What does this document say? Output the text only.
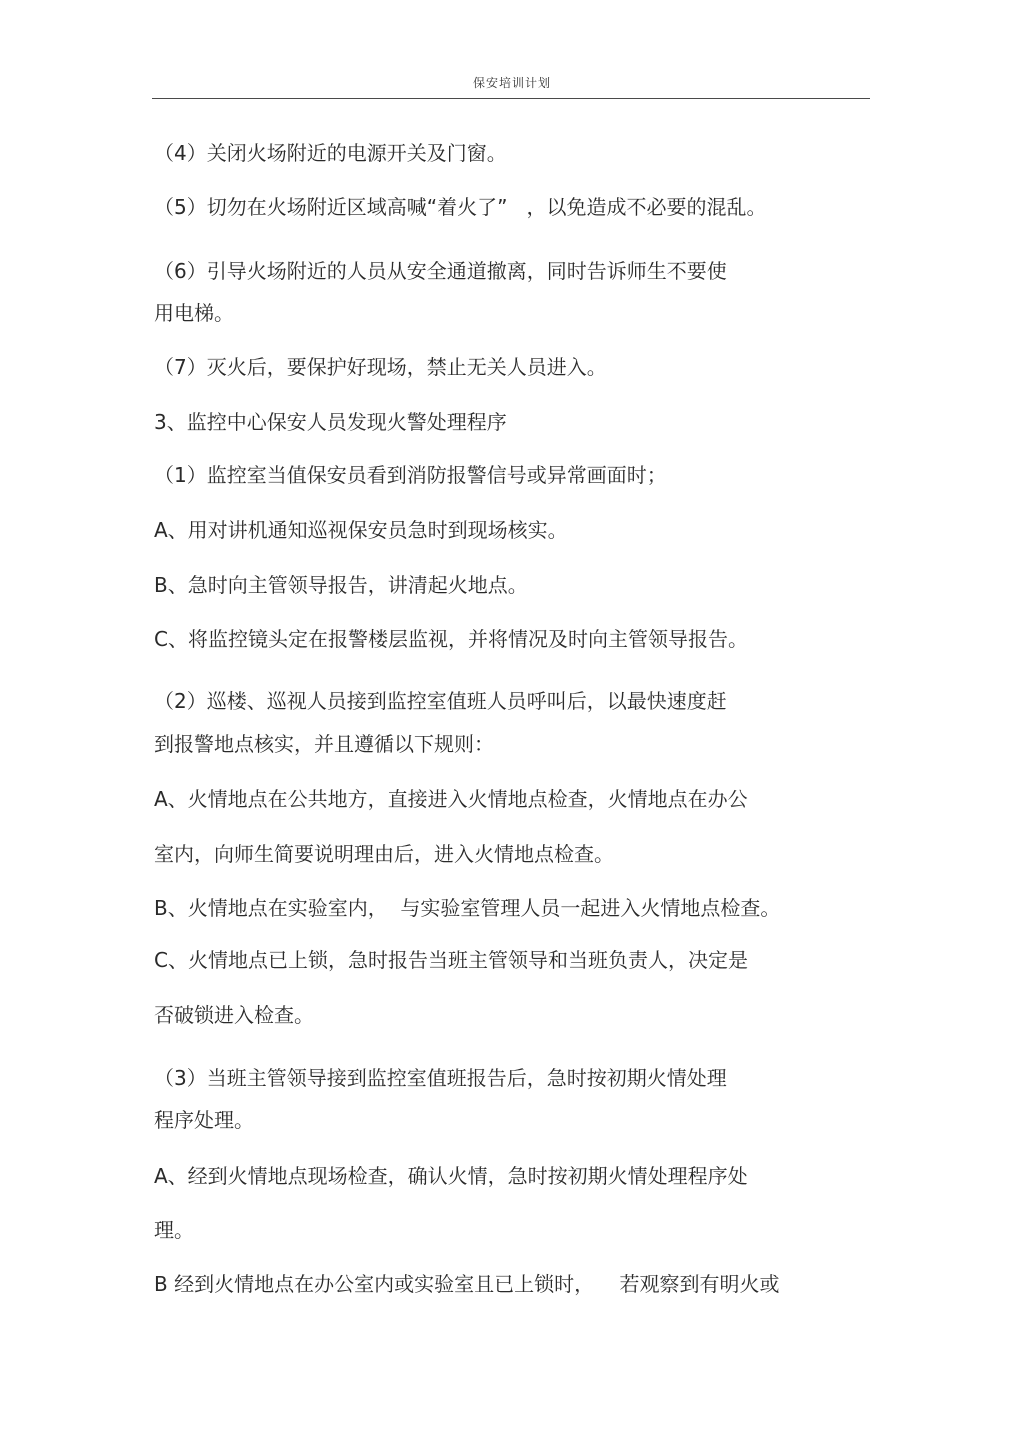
保安培训计划
（4）关闭火场附近的电源开关及门窗。
（5）切勿在火场附近区域高喊“着火了”   ，以免造成不必要的混乱。
（6）引导火场附近的人员从安全通道撤离，同时告诉师生不要使
用电梯。
（7）灭火后，要保护好现场，禁止无关人员进入。
3、监控中心保安人员发现火警处理程序
（1）监控室当值保安员看到消防报警信号或异常画面时；
A、用对讲机通知巡视保安员急时到现场核实。
B、急时向主管领导报告，讲清起火地点。
C、将监控镜头定在报警楼层监视，并将情况及时向主管领导报告。
（2）巡楼、巡视人员接到监控室值班人员呼叫后，以最快速度赶
到报警地点核实，并且遵循以下规则：
A、火情地点在公共地方，直接进入火情地点检查，火情地点在办公
室内，向师生简要说明理由后，进入火情地点检查。
B、火情地点在实验室内，  与实验室管理人员一起进入火情地点检查。
C、火情地点已上锁，急时报告当班主管领导和当班负责人，决定是
否破锁进入检查。
（3）当班主管领导接到监控室值班报告后，急时按初期火情处理
程序处理。
A、经到火情地点现场检查，确认火情，急时按初期火情处理程序处
理。
B 经到火情地点在办公室内或实验室且已上锁时，    若观察到有明火或
